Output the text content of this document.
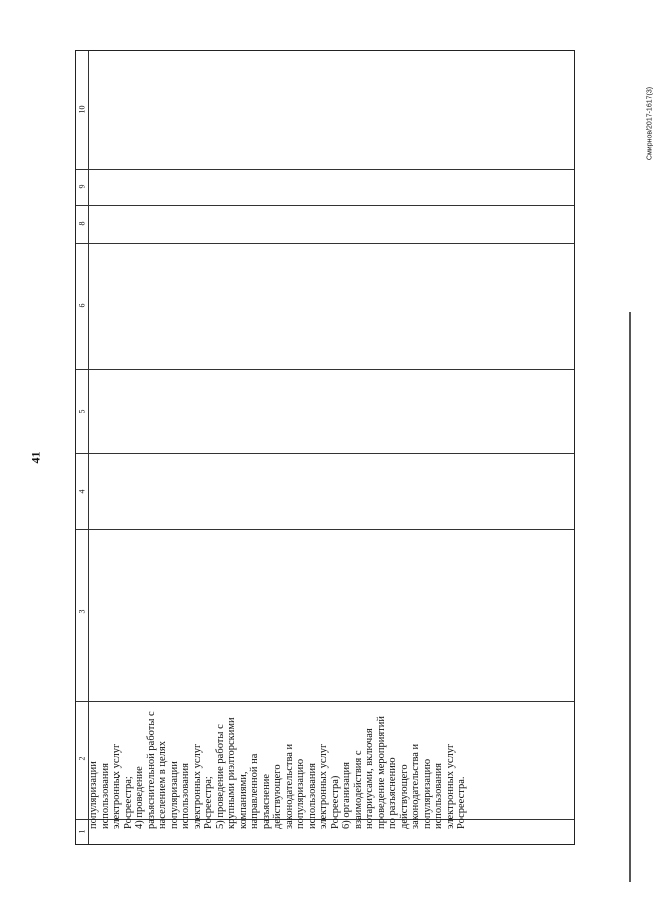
41
1
2
3
4
5
6
8
9
10
популяризации использования электронных услуг Росреестра; 4) проведение разъяснительной работы с населением в целях популяризации использования электронных услуг Росреестра; 5) проведение работы с крупными риэлторскими компаниями, направленной на разъяснение действующего законодательства и популяризацию использования электронных услуг Росреестра) 6) организация взаимодействия с нотариусами, включая проведение мероприятий по разъяснению действующего законодательства и популяризацию использования электронных услуг Росреестра.
Смирнов/2017-1617(3)
